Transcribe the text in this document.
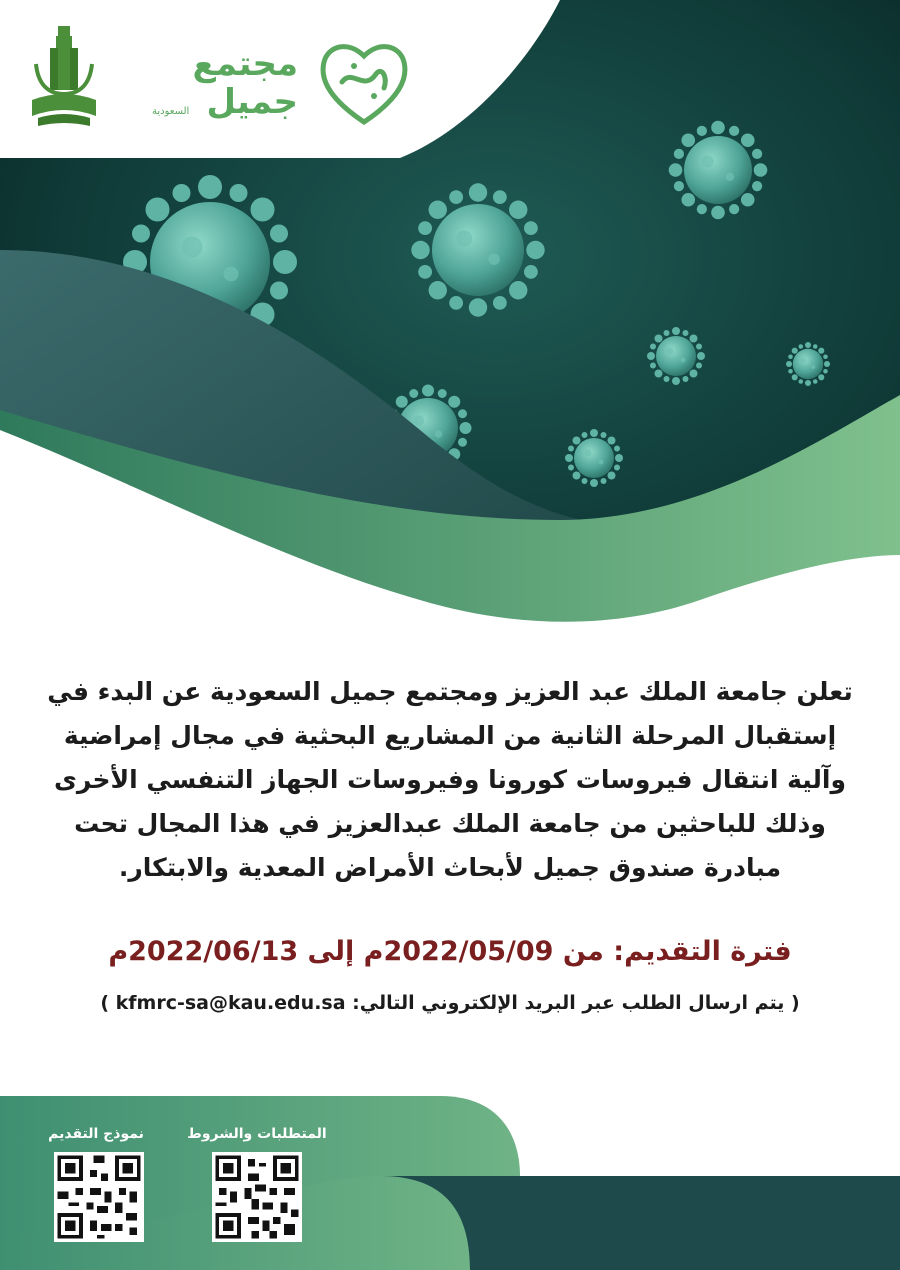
مجتمع
جميل
السعودية

تعلن جامعة الملك عبد العزيز ومجتمع جميل السعودية عن البدء في
إستقبال المرحلة الثانية من المشاريع البحثية في مجال إمراضية
وآلية انتقال فيروسات كورونا وفيروسات الجهاز التنفسي الأخرى
وذلك للباحثين من جامعة الملك عبدالعزيز في هذا المجال تحت
مبادرة صندوق جميل لأبحاث الأمراض المعدية والابتكار.

فترة التقديم: من 2022/05/09م إلى 2022/06/13م
( يتم ارسال الطلب عبر البريد الإلكتروني التالي: kfmrc-sa@kau.edu.sa )
المتطلبات والشروط
نموذج التقديم
